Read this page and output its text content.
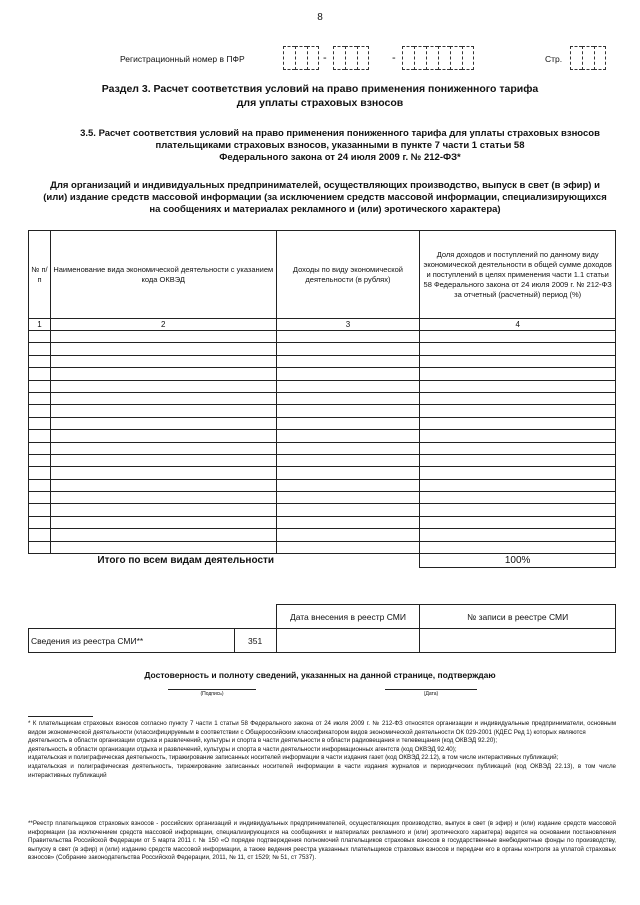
8
Регистрационный номер в ПФР	-	-	Стр.
Раздел 3. Расчет соответствия условий на право применения пониженного тарифа
для уплаты страховых взносов
3.5. Расчет соответствия условий на право применения пониженного тарифа для уплаты страховых взносов
плательщиками страховых взносов, указанными в пункте 7 части 1 статьи 58
Федерального закона от 24 июля 2009 г. № 212-ФЗ*
Для организаций и индивидуальных предпринимателей, осуществляющих производство, выпуск в свет (в эфир) и
(или) издание средств массовой информации (за исключением средств массовой информации, специализирующихся
на сообщениях и материалах рекламного и (или) эротического характера)
№ п/п	Наименование вида экономической деятельности с указанием кода ОКВЭД	Доходы по виду экономической деятельности (в рублях)	Доля доходов и поступлений по данному виду экономической деятельности в общей сумме доходов и поступлений в целях применения части 1.1 статьи 58 Федерального закона от 24 июля 2009 г. № 212-ФЗ за отчетный (расчетный) период (%)
1	2	3	4

	Итого по всем видам деятельности		100%
		Дата внесения в реестр СМИ	№ записи в реестре СМИ
Сведения из реестра СМИ**	351		
Достоверность и полноту сведений, указанных на данной странице, подтверждаю
(Подпись)	(Дата)

* К плательщикам страховых взносов согласно пункту 7 части 1 статьи 58 Федерального закона от 24 июля 2009 г. № 212-ФЗ относятся организации и индивидуальные предприниматели, основным видом экономической деятельности (классифицируемым в соответствии с Общероссийским классификатором видов экономической деятельности ОК 029-2001 (КДЕС Ред 1) которых являются

деятельность в области организации отдыха и развлечений, культуры и спорта в части деятельности в области радиовещания и телевещания (код ОКВЭД 92.20);

деятельность в области организации отдыха и развлечений, культуры и спорта в части деятельности информационных агентств (код ОКВЭД 92.40);

издательская и полиграфическая деятельность, тиражирование записанных носителей информации в части издания газет (код ОКВЭД 22.12), в том числе интерактивных публикаций;

издательская и полиграфическая деятельность, тиражирование записанных носителей информации в части издания журналов и периодических публикаций (код ОКВЭД 22.13), в том числе интерактивных публикаций

**Реестр плательщиков страховых взносов - российских организаций и индивидуальных предпринимателей, осуществляющих производство, выпуск в свет (в эфир) и (или) издание средств массовой информации (за исключением средств массовой информации, специализирующихся на сообщениях и материалах рекламного и (или) эротического характера) ведется на основании постановления Правительства Российской Федерации от 5 марта 2011 г. № 150 «О порядке подтверждения полномочий плательщиков страховых взносов в государственные внебюджетные фонды по производству, выпуску в свет (в эфир) и (или) изданию средств массовой информации, а также ведения реестра указанных плательщиков страховых взносов и передачи его в органы контроля за уплатой страховых взносов» (Собрание законодательства Российской Федерации, 2011, № 11, ст 1529; № 51, ст 7537).
